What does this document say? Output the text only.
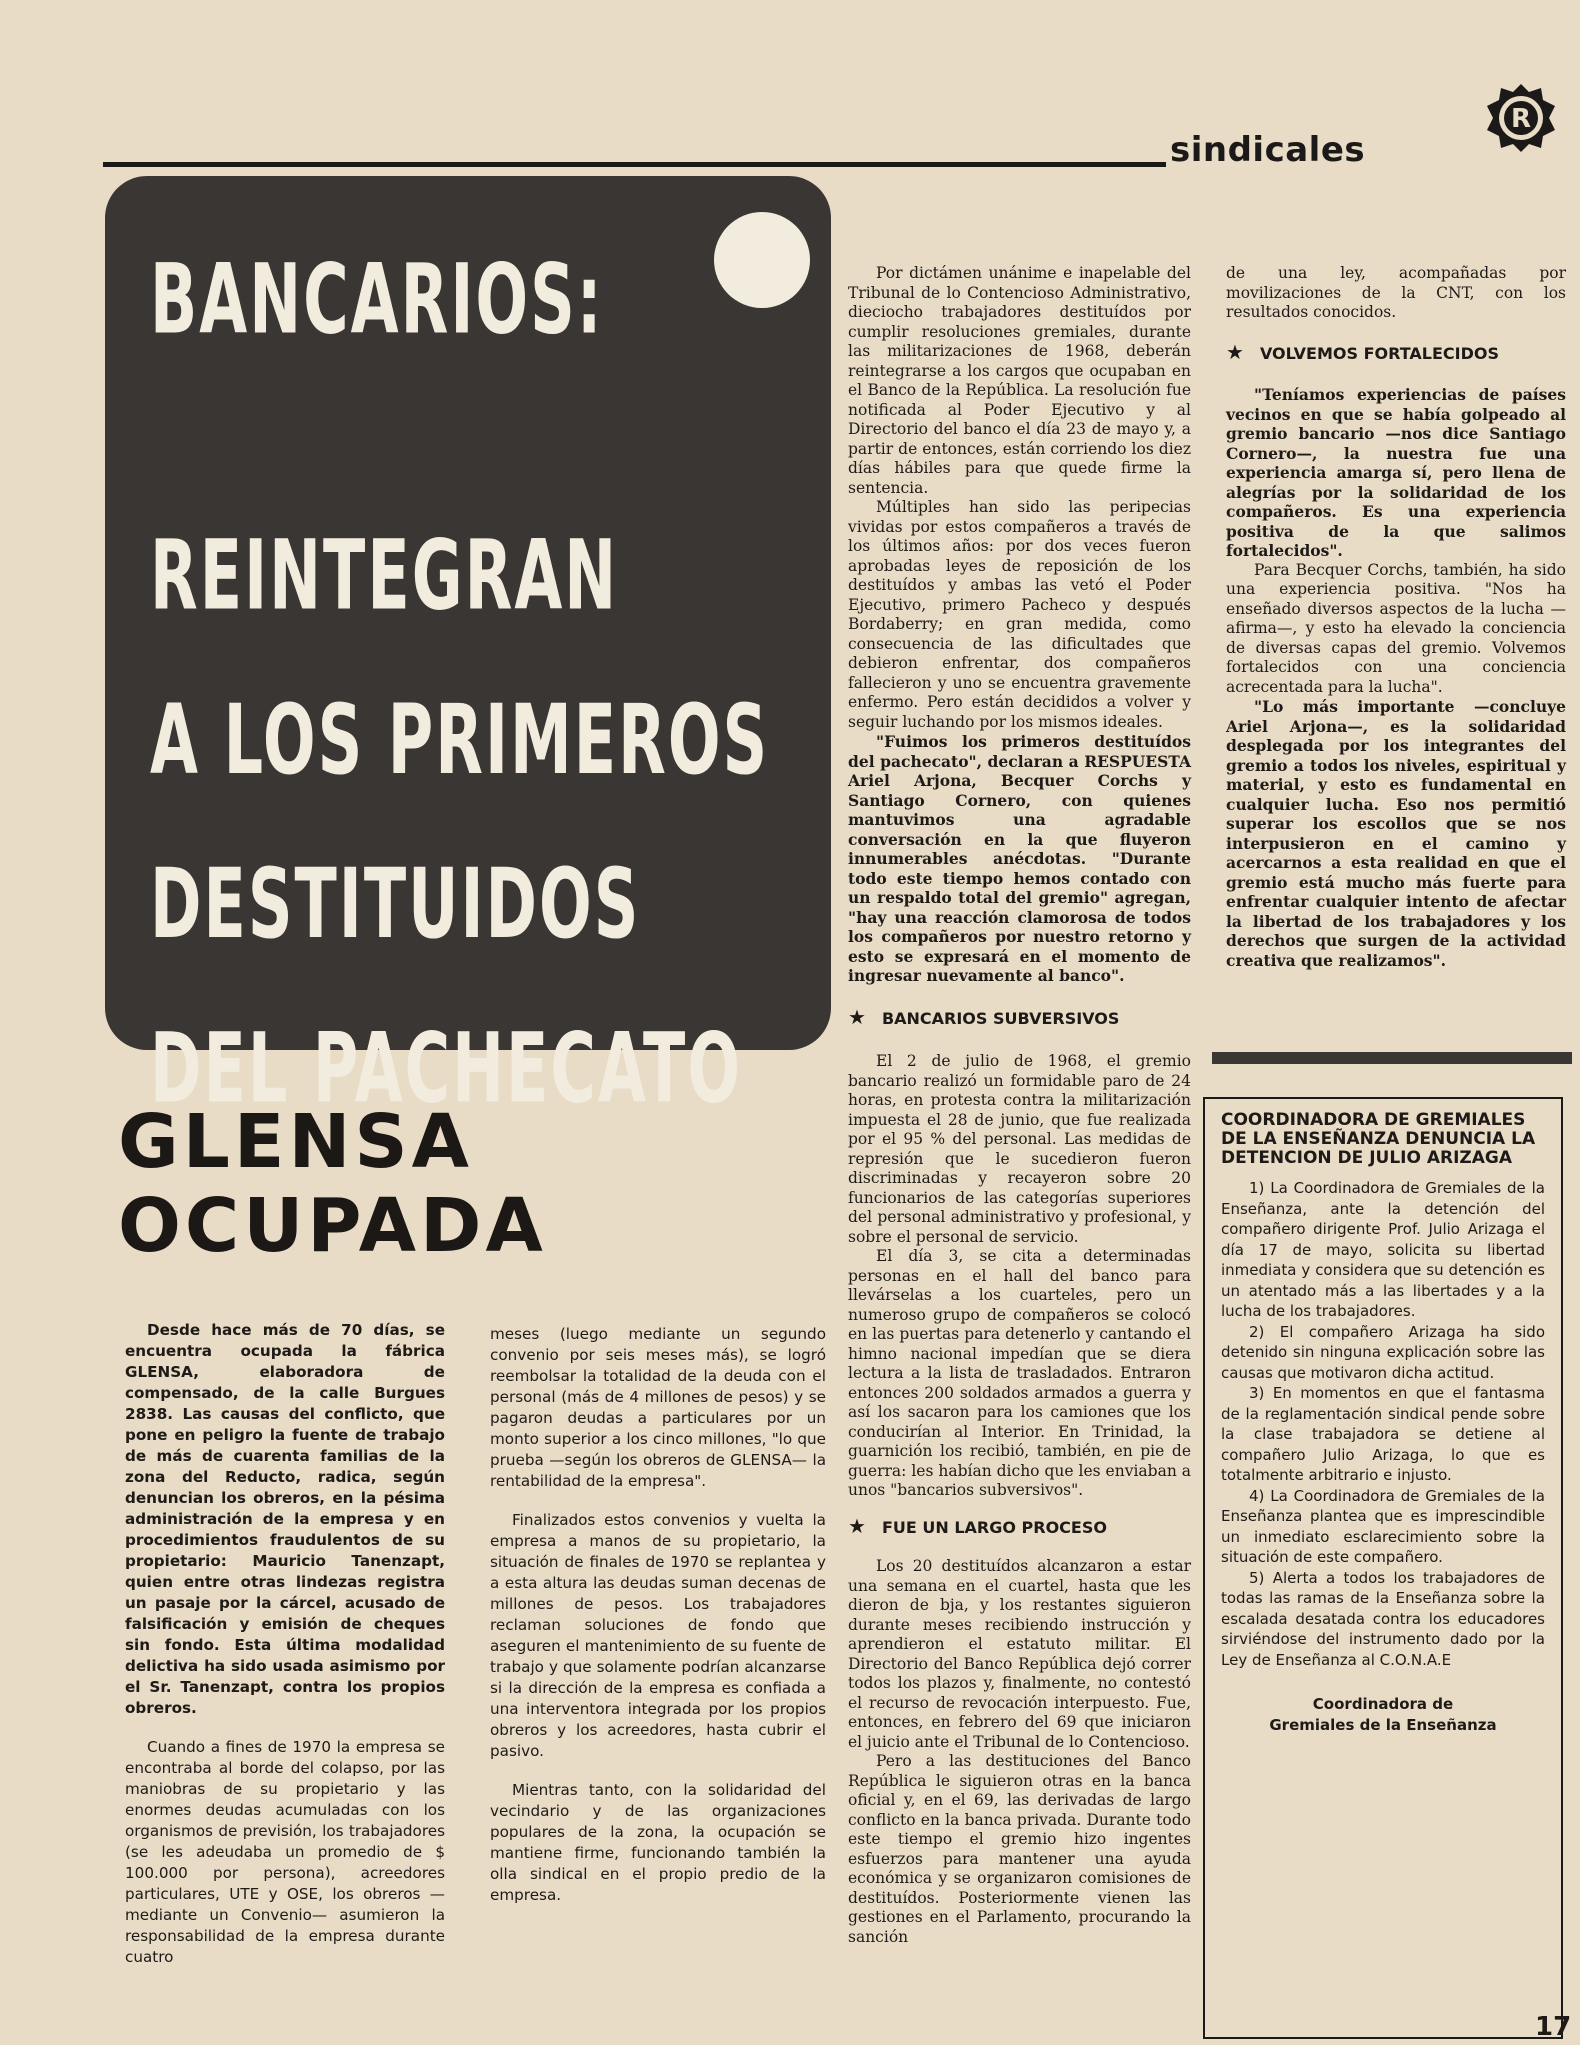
sindicales
R
BANCARIOS:
REINTEGRAN
A LOS PRIMEROS
DESTITUIDOS
DEL PACHECATO

Por dictámen unánime e inapelable del Tribunal de lo Contencioso Administrativo, dieciocho trabajadores destituídos por cumplir resoluciones gremiales, durante las militarizaciones de 1968, deberán reintegrarse a los cargos que ocupaban en el Banco de la República. La resolución fue notificada al Poder Ejecutivo y al Directorio del banco el día 23 de mayo y, a partir de entonces, están corriendo los diez días hábiles para que quede firme la sentencia.

Múltiples han sido las peripecias vividas por estos compañeros a través de los últimos años: por dos veces fueron aprobadas leyes de reposición de los destituídos y ambas las vetó el Poder Ejecutivo, primero Pacheco y después Bordaberry; en gran medida, como consecuencia de las dificultades que debieron enfrentar, dos compañeros fallecieron y uno se encuentra gravemente enfermo. Pero están decididos a volver y seguir luchando por los mismos ideales.

"Fuimos los primeros destituídos del pachecato", declaran a RESPUESTA Ariel Arjona, Becquer Corchs y Santiago Cornero, con quienes mantuvimos una agradable conversación en la que fluyeron innumerables anécdotas. "Durante todo este tiempo hemos contado con un respaldo total del gremio" agregan, "hay una reacción clamorosa de todos los compañeros por nuestro retorno y esto se expresará en el momento de ingresar nuevamente al banco".

★ BANCARIOS SUBVERSIVOS

El 2 de julio de 1968, el gremio bancario realizó un formidable paro de 24 horas, en protesta contra la militarización impuesta el 28 de junio, que fue realizada por el 95 % del personal. Las medidas de represión que le sucedieron fueron discriminadas y recayeron sobre 20 funcionarios de las categorías superiores del personal administrativo y profesional, y sobre el personal de servicio.

El día 3, se cita a determinadas personas en el hall del banco para llevárselas a los cuarteles, pero un numeroso grupo de compañeros se colocó en las puertas para detenerlo y cantando el himno nacional impedían que se diera lectura a la lista de trasladados. Entraron entonces 200 soldados armados a guerra y así los sacaron para los camiones que los conducirían al Interior. En Trinidad, la guarnición los recibió, también, en pie de guerra: les habían dicho que les enviaban a unos "bancarios subversivos".

★ FUE UN LARGO PROCESO

Los 20 destituídos alcanzaron a estar una semana en el cuartel, hasta que les dieron de bja, y los restantes siguieron durante meses recibiendo instrucción y aprendieron el estatuto militar. El Directorio del Banco República dejó correr todos los plazos y, finalmente, no contestó el recurso de revocación interpuesto. Fue, entonces, en febrero del 69 que iniciaron el juicio ante el Tribunal de lo Contencioso.

Pero a las destituciones del Banco República le siguieron otras en la banca oficial y, en el 69, las derivadas de largo conflicto en la banca privada. Durante todo este tiempo el gremio hizo ingentes esfuerzos para mantener una ayuda económica y se organizaron comisiones de destituídos. Posteriormente vienen las gestiones en el Parlamento, procurando la sanción

de una ley, acompañadas por movilizaciones de la CNT, con los resultados conocidos.

★ VOLVEMOS FORTALECIDOS

"Teníamos experiencias de países vecinos en que se había golpeado al gremio bancario —nos dice Santiago Cornero—, la nuestra fue una experiencia amarga sí, pero llena de alegrías por la solidaridad de los compañeros. Es una experiencia positiva de la que salimos fortalecidos".

Para Becquer Corchs, también, ha sido una experiencia positiva. "Nos ha enseñado diversos aspectos de la lucha —afirma—, y esto ha elevado la conciencia de diversas capas del gremio. Volvemos fortalecidos con una conciencia acrecentada para la lucha".

"Lo más importante —concluye Ariel Arjona—, es la solidaridad desplegada por los integrantes del gremio a todos los niveles, espiritual y material, y esto es fundamental en cualquier lucha. Eso nos permitió superar los escollos que se nos interpusieron en el camino y acercarnos a esta realidad en que el gremio está mucho más fuerte para enfrentar cualquier intento de afectar la libertad de los trabajadores y los derechos que surgen de la actividad creativa que realizamos".

GLENSA
OCUPADA

Desde hace más de 70 días, se encuentra ocupada la fábrica GLENSA, elaboradora de compensado, de la calle Burgues 2838. Las causas del conflicto, que pone en peligro la fuente de trabajo de más de cuarenta familias de la zona del Reducto, radica, según denuncian los obreros, en la pésima administración de la empresa y en procedimientos fraudulentos de su propietario: Mauricio Tanenzapt, quien entre otras lindezas registra un pasaje por la cárcel, acusado de falsificación y emisión de cheques sin fondo. Esta última modalidad delictiva ha sido usada asimismo por el Sr. Tanenzapt, contra los propios obreros.

Cuando a fines de 1970 la empresa se encontraba al borde del colapso, por las maniobras de su propietario y las enormes deudas acumuladas con los organismos de previsión, los trabajadores (se les adeudaba un promedio de $ 100.000 por persona), acreedores particulares, UTE y OSE, los obreros —mediante un Convenio— asumieron la responsabilidad de la empresa durante cuatro

meses (luego mediante un segundo convenio por seis meses más), se logró reembolsar la totalidad de la deuda con el personal (más de 4 millones de pesos) y se pagaron deudas a particulares por un monto superior a los cinco millones, "lo que prueba —según los obreros de GLENSA— la rentabilidad de la empresa".

Finalizados estos convenios y vuelta la empresa a manos de su propietario, la situación de finales de 1970 se replantea y a esta altura las deudas suman decenas de millones de pesos. Los trabajadores reclaman soluciones de fondo que aseguren el mantenimiento de su fuente de trabajo y que solamente podrían alcanzarse si la dirección de la empresa es confiada a una interventora integrada por los propios obreros y los acreedores, hasta cubrir el pasivo.

Mientras tanto, con la solidaridad del vecindario y de las organizaciones populares de la zona, la ocupación se mantiene firme, funcionando también la olla sindical en el propio predio de la empresa.

COORDINADORA DE GREMIALES DE LA ENSEÑANZA DENUNCIA LA DETENCION DE JULIO ARIZAGA

1) La Coordinadora de Gremiales de la Enseñanza, ante la detención del compañero dirigente Prof. Julio Arizaga el día 17 de mayo, solicita su libertad inmediata y considera que su detención es un atentado más a las libertades y a la lucha de los trabajadores.

2) El compañero Arizaga ha sido detenido sin ninguna explicación sobre las causas que motivaron dicha actitud.

3) En momentos en que el fantasma de la reglamentación sindical pende sobre la clase trabajadora se detiene al compañero Julio Arizaga, lo que es totalmente arbitrario e injusto.

4) La Coordinadora de Gremiales de la Enseñanza plantea que es imprescindible un inmediato esclarecimiento sobre la situación de este compañero.

5) Alerta a todos los trabajadores de todas las ramas de la Enseñanza sobre la escalada desatada contra los educadores sirviéndose del instrumento dado por la Ley de Enseñanza al C.O.N.A.E

Coordinadora de
Gremiales de la Enseñanza
17
